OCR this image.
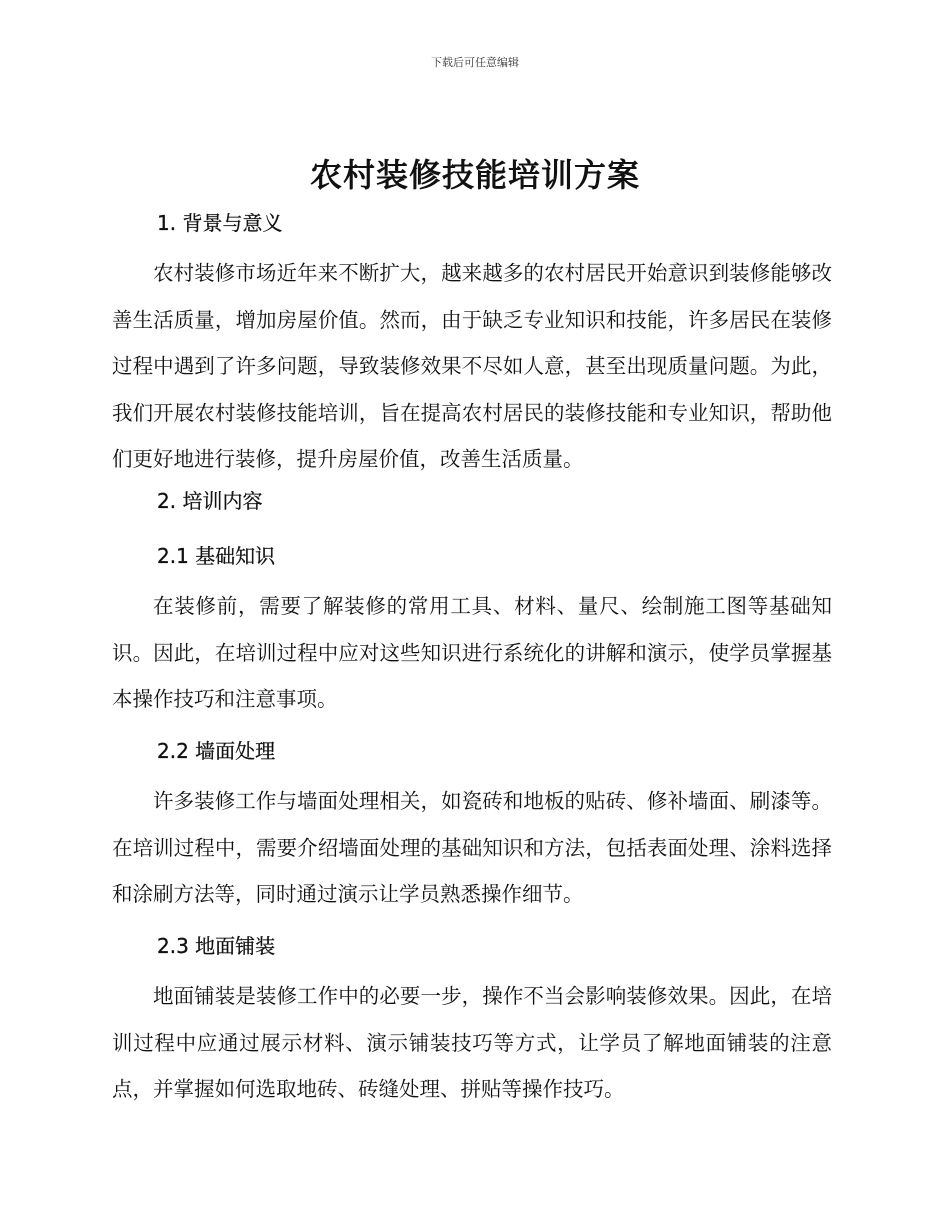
下载后可任意编辑
农村装修技能培训方案
1. 背景与意义

农村装修市场近年来不断扩大，越来越多的农村居民开始意识到装修能够改善生活质量，增加房屋价值。然而，由于缺乏专业知识和技能，许多居民在装修过程中遇到了许多问题，导致装修效果不尽如人意，甚至出现质量问题。为此，我们开展农村装修技能培训，旨在提高农村居民的装修技能和专业知识，帮助他们更好地进行装修，提升房屋价值，改善生活质量。

2. 培训内容
2.1 基础知识

在装修前，需要了解装修的常用工具、材料、量尺、绘制施工图等基础知识。因此，在培训过程中应对这些知识进行系统化的讲解和演示，使学员掌握基本操作技巧和注意事项。

2.2 墙面处理

许多装修工作与墙面处理相关，如瓷砖和地板的贴砖、修补墙面、刷漆等。在培训过程中，需要介绍墙面处理的基础知识和方法，包括表面处理、涂料选择和涂刷方法等，同时通过演示让学员熟悉操作细节。

2.3 地面铺装

地面铺装是装修工作中的必要一步，操作不当会影响装修效果。因此，在培训过程中应通过展示材料、演示铺装技巧等方式，让学员了解地面铺装的注意点，并掌握如何选取地砖、砖缝处理、拼贴等操作技巧。
